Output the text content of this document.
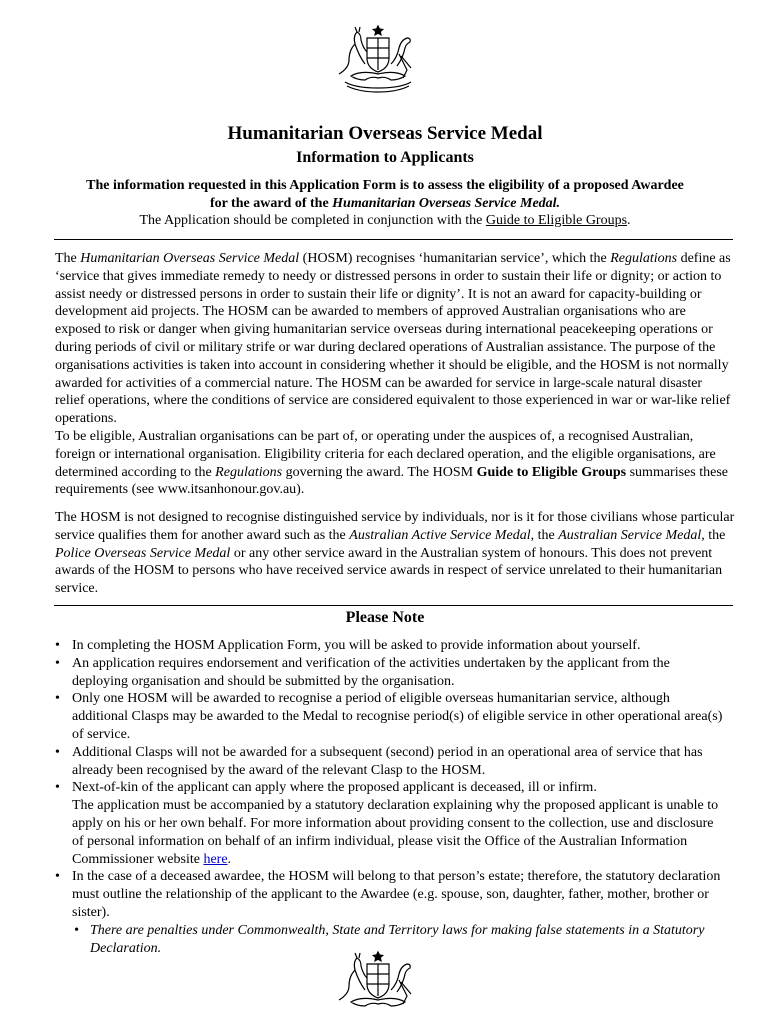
Humanitarian Overseas Service Medal
Information to Applicants
The information requested in this Application Form is to assess the eligibility of a proposed Awardee
for the award of the Humanitarian Overseas Service Medal.
The Application should be completed in conjunction with the Guide to Eligible Groups.

The Humanitarian Overseas Service Medal (HOSM) recognises ‘humanitarian service’, which the Regulations define as ‘service that gives immediate remedy to needy or distressed persons in order to sustain their life or dignity; or action to assist needy or distressed persons in order to sustain their life or dignity’. It is not an award for capacity-building or development aid projects. The HOSM can be awarded to members of approved Australian organisations who are exposed to risk or danger when giving humanitarian service overseas during international peacekeeping operations or during periods of civil or military strife or war during declared operations of Australian assistance. The purpose of the organisations activities is taken into account in considering whether it should be eligible, and the HOSM is not normally awarded for activities of a commercial nature. The HOSM can be awarded for service in large-scale natural disaster relief operations, where the conditions of service are considered equivalent to those experienced in war or war-like relief operations.

To be eligible, Australian organisations can be part of, or operating under the auspices of, a recognised Australian, foreign or international organisation. Eligibility criteria for each declared operation, and the eligible organisations, are determined according to the Regulations governing the award. The HOSM Guide to Eligible Groups summarises these requirements (see www.itsanhonour.gov.au).

The HOSM is not designed to recognise distinguished service by individuals, nor is it for those civilians whose particular service qualifies them for another award such as the Australian Active Service Medal, the Australian Service Medal, the Police Overseas Service Medal or any other service award in the Australian system of honours. This does not prevent awards of the HOSM to persons who have received service awards in respect of service unrelated to their humanitarian service.

Please Note
• In completing the HOSM Application Form, you will be asked to provide information about yourself.
• An application requires endorsement and verification of the activities undertaken by the applicant from the deploying organisation and should be submitted by the organisation.
• Only one HOSM will be awarded to recognise a period of eligible overseas humanitarian service, although additional Clasps may be awarded to the Medal to recognise period(s) of eligible service in other operational area(s) of service.
• Additional Clasps will not be awarded for a subsequent (second) period in an operational area of service that has already been recognised by the award of the relevant Clasp to the HOSM.
• Next-of-kin of the applicant can apply where the proposed applicant is deceased, ill or infirm.
The application must be accompanied by a statutory declaration explaining why the proposed applicant is unable to apply on his or her own behalf. For more information about providing consent to the collection, use and disclosure of personal information on behalf of an infirm individual, please visit the Office of the Australian Information Commissioner website here.
• In the case of a deceased awardee, the HOSM will belong to that person’s estate; therefore, the statutory declaration must outline the relationship of the applicant to the Awardee (e.g. spouse, son, daughter, father, mother, brother or sister).
• There are penalties under Commonwealth, State and Territory laws for making false statements in a Statutory Declaration.
